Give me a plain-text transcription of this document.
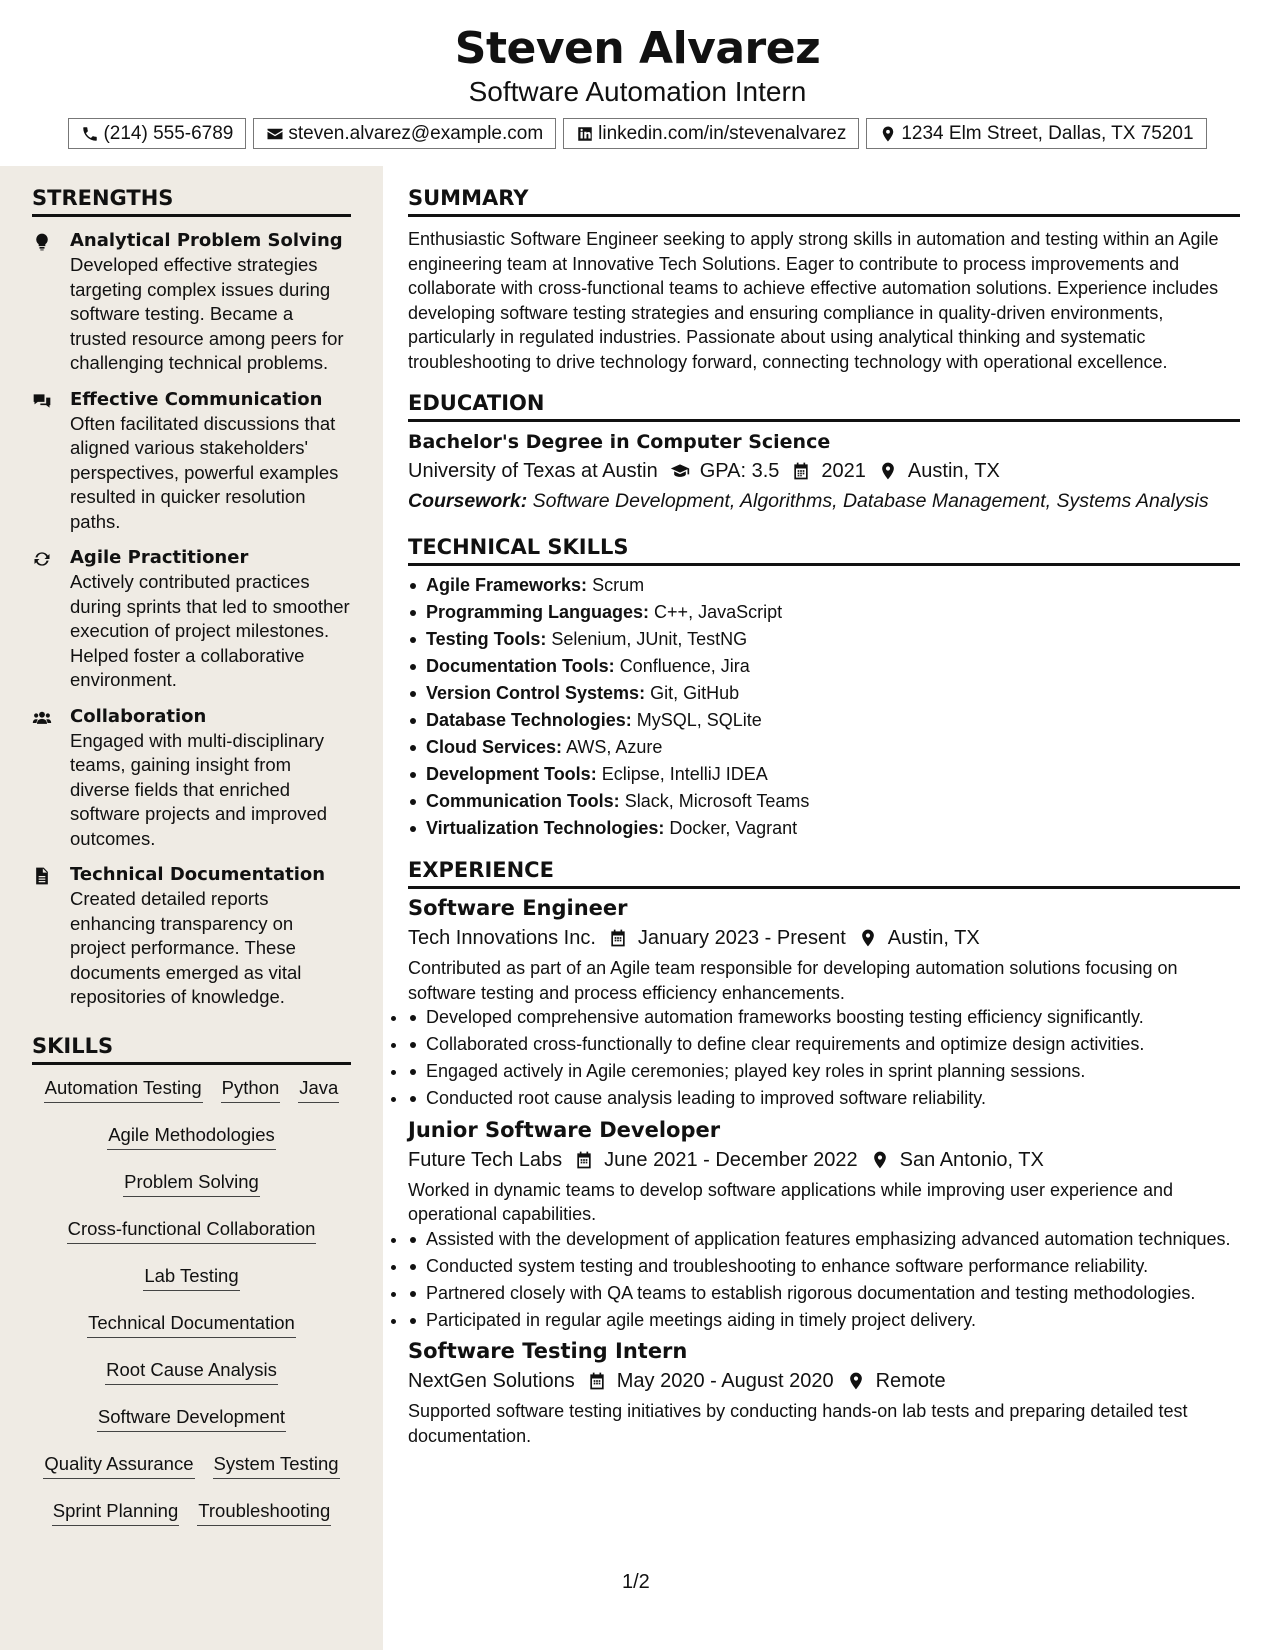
Steven Alvarez
Software Automation Intern
(214) 555-6789	steven.alvarez@example.com	linkedin.com/in/stevenalvarez	1234 Elm Street, Dallas, TX 75201
STRENGTHS
Analytical Problem Solving
Developed effective strategies targeting complex issues during software testing. Became a trusted resource among peers for challenging technical problems.
Effective Communication
Often facilitated discussions that aligned various stakeholders' perspectives, powerful examples resulted in quicker resolution paths.
Agile Practitioner
Actively contributed practices during sprints that led to smoother execution of project milestones. Helped foster a collaborative environment.
Collaboration
Engaged with multi-disciplinary teams, gaining insight from diverse fields that enriched software projects and improved outcomes.
Technical Documentation
Created detailed reports enhancing transparency on project performance. These documents emerged as vital repositories of knowledge.
SKILLS
Automation Testing Python Java
Agile Methodologies
Problem Solving
Cross-functional Collaboration
Lab Testing
Technical Documentation
Root Cause Analysis
Software Development
Quality Assurance System Testing
Sprint Planning Troubleshooting
SUMMARY
Enthusiastic Software Engineer seeking to apply strong skills in automation and testing within an Agile engineering team at Innovative Tech Solutions. Eager to contribute to process improvements and collaborate with cross-functional teams to achieve effective automation solutions. Experience includes developing software testing strategies and ensuring compliance in quality-driven environments, particularly in regulated industries. Passionate about using analytical thinking and systematic troubleshooting to drive technology forward, connecting technology with operational excellence.
EDUCATION
Bachelor's Degree in Computer Science
University of Texas at Austin GPA: 3.5 2021 Austin, TX
Coursework: Software Development, Algorithms, Database Management, Systems Analysis
TECHNICAL SKILLS
Agile Frameworks: Scrum
Programming Languages: C++, JavaScript
Testing Tools: Selenium, JUnit, TestNG
Documentation Tools: Confluence, Jira
Version Control Systems: Git, GitHub
Database Technologies: MySQL, SQLite
Cloud Services: AWS, Azure
Development Tools: Eclipse, IntelliJ IDEA
Communication Tools: Slack, Microsoft Teams
Virtualization Technologies: Docker, Vagrant
EXPERIENCE
Software Engineer
Tech Innovations Inc. January 2023 - Present Austin, TX
Contributed as part of an Agile team responsible for developing automation solutions focusing on software testing and process efficiency enhancements.
• Developed comprehensive automation frameworks boosting testing efficiency significantly.
• Collaborated cross-functionally to define clear requirements and optimize design activities.
• Engaged actively in Agile ceremonies; played key roles in sprint planning sessions.
• Conducted root cause analysis leading to improved software reliability.
Junior Software Developer
Future Tech Labs June 2021 - December 2022 San Antonio, TX
Worked in dynamic teams to develop software applications while improving user experience and operational capabilities.
• Assisted with the development of application features emphasizing advanced automation techniques.
• Conducted system testing and troubleshooting to enhance software performance reliability.
• Partnered closely with QA teams to establish rigorous documentation and testing methodologies.
• Participated in regular agile meetings aiding in timely project delivery.
Software Testing Intern
NextGen Solutions May 2020 - August 2020 Remote
Supported software testing initiatives by conducting hands-on lab tests and preparing detailed test documentation.
1/2
